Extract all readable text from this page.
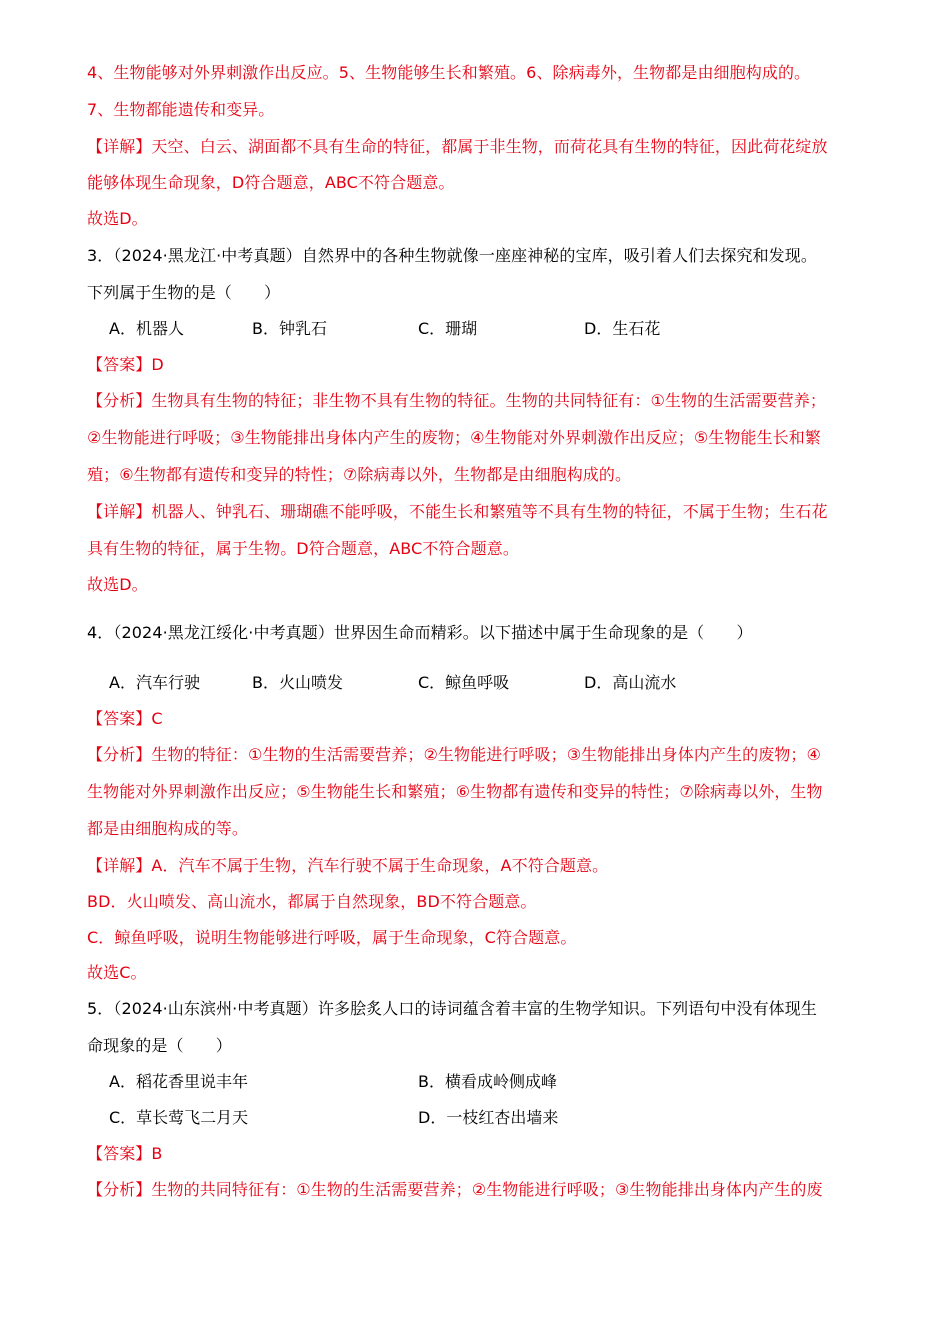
4、生物能够对外界刺激作出反应。5、生物能够生长和繁殖。6、除病毒外，生物都是由细胞构成的。
7、生物都能遗传和变异。
【详解】天空、白云、湖面都不具有生命的特征，都属于非生物，而荷花具有生物的特征，因此荷花绽放
能够体现生命现象，D符合题意，ABC不符合题意。
故选D。
3．（2024·黑龙江·中考真题）自然界中的各种生物就像一座座神秘的宝库，吸引着人们去探究和发现。
下列属于生物的是（　　）
A．机器人	B．钟乳石	C．珊瑚	D．生石花
【答案】D
【分析】生物具有生物的特征；非生物不具有生物的特征。生物的共同特征有：①生物的生活需要营养；
②生物能进行呼吸；③生物能排出身体内产生的废物；④生物能对外界刺激作出反应；⑤生物能生长和繁
殖；⑥生物都有遗传和变异的特性；⑦除病毒以外，生物都是由细胞构成的。
【详解】机器人、钟乳石、珊瑚礁不能呼吸，不能生长和繁殖等不具有生物的特征，不属于生物；生石花
具有生物的特征，属于生物。D符合题意，ABC不符合题意。
故选D。
4．（2024·黑龙江绥化·中考真题）世界因生命而精彩。以下描述中属于生命现象的是（　　）
A．汽车行驶	B．火山喷发	C．鲸鱼呼吸	D．高山流水
【答案】C
【分析】生物的特征：①生物的生活需要营养；②生物能进行呼吸；③生物能排出身体内产生的废物；④
生物能对外界刺激作出反应；⑤生物能生长和繁殖；⑥生物都有遗传和变异的特性；⑦除病毒以外，生物
都是由细胞构成的等。
【详解】A．汽车不属于生物，汽车行驶不属于生命现象，A不符合题意。
BD．火山喷发、高山流水，都属于自然现象，BD不符合题意。
C．鲸鱼呼吸，说明生物能够进行呼吸，属于生命现象，C符合题意。
故选C。
5．（2024·山东滨州·中考真题）许多脍炙人口的诗词蕴含着丰富的生物学知识。下列语句中没有体现生
命现象的是（　　）
A．稻花香里说丰年	B．横看成岭侧成峰
C．草长莺飞二月天	D．一枝红杏出墙来
【答案】B
【分析】生物的共同特征有：①生物的生活需要营养；②生物能进行呼吸；③生物能排出身体内产生的废
